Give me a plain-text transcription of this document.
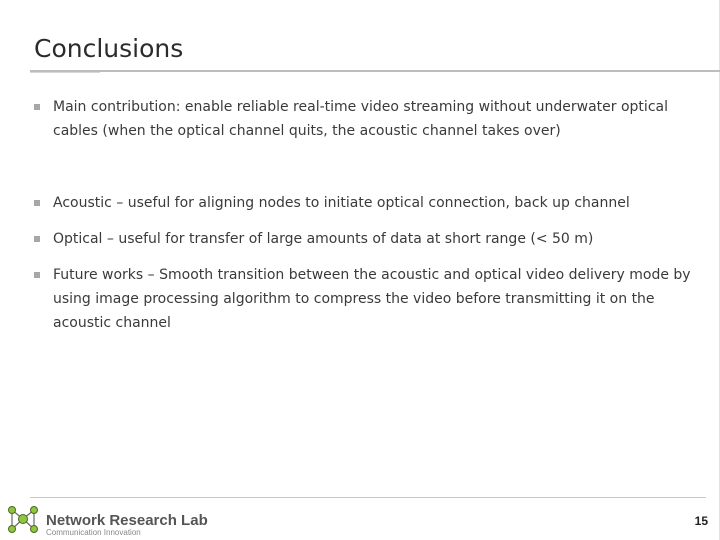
Conclusions
Main contribution: enable reliable real-time video streaming without underwater optical cables (when the optical channel quits, the acoustic channel takes over)
Acoustic – useful for aligning nodes to initiate optical connection, back up channel
Optical – useful for transfer of large amounts of data at short range (< 50 m)
Future works – Smooth transition between the acoustic and optical video delivery mode by using image processing algorithm to compress the video before transmitting it on the acoustic channel
Network Research Lab
Communication Innovation
15
